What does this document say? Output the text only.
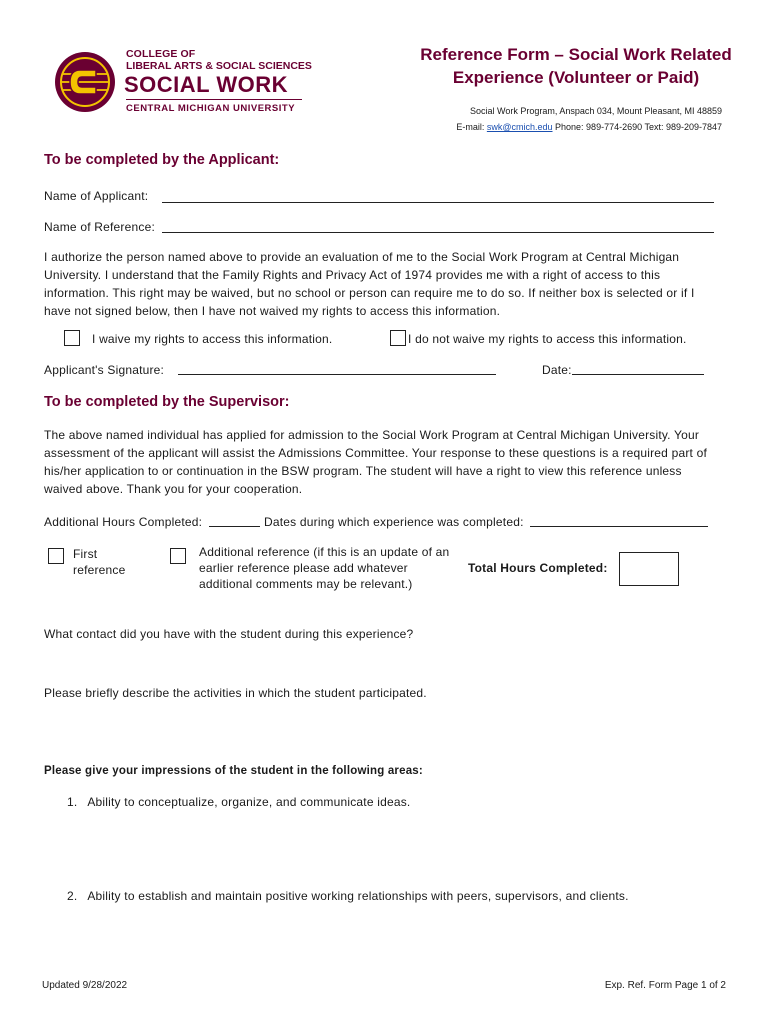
COLLEGE OF
LIBERAL ARTS & SOCIAL SCIENCES
SOCIAL WORK
CENTRAL MICHIGAN UNIVERSITY
Reference Form – Social Work Related
Experience (Volunteer or Paid)
Social Work Program, Anspach 034, Mount Pleasant, MI 48859
E-mail: swk@cmich.edu Phone: 989-774-2690 Text: 989-209-7847
To be completed by the Applicant:
Name of Applicant:
Name of Reference:
I authorize the person named above to provide an evaluation of me to the Social Work Program at Central Michigan University. I understand that the Family Rights and Privacy Act of 1974 provides me with a right of access to this information. This right may be waived, but no school or person can require me to do so. If neither box is selected or if I have not signed below, then I have not waived my rights to access this information.
I waive my rights to access this information.	I do not waive my rights to access this information.
Applicant's Signature:	Date:
To be completed by the Supervisor:
The above named individual has applied for admission to the Social Work Program at Central Michigan University. Your assessment of the applicant will assist the Admissions Committee. Your response to these questions is a required part of his/her application to or continuation in the BSW program. The student will have a right to view this reference unless waived above. Thank you for your cooperation.
Additional Hours Completed:	Dates during which experience was completed:
First reference
Additional reference (if this is an update of an earlier reference please add whatever additional comments may be relevant.)
Total Hours Completed:
What contact did you have with the student during this experience?
Please briefly describe the activities in which the student participated.
Please give your impressions of the student in the following areas:
1.   Ability to conceptualize, organize, and communicate ideas.
2.   Ability to establish and maintain positive working relationships with peers, supervisors, and clients.
Updated 9/28/2022	Exp. Ref. Form Page 1 of 2
